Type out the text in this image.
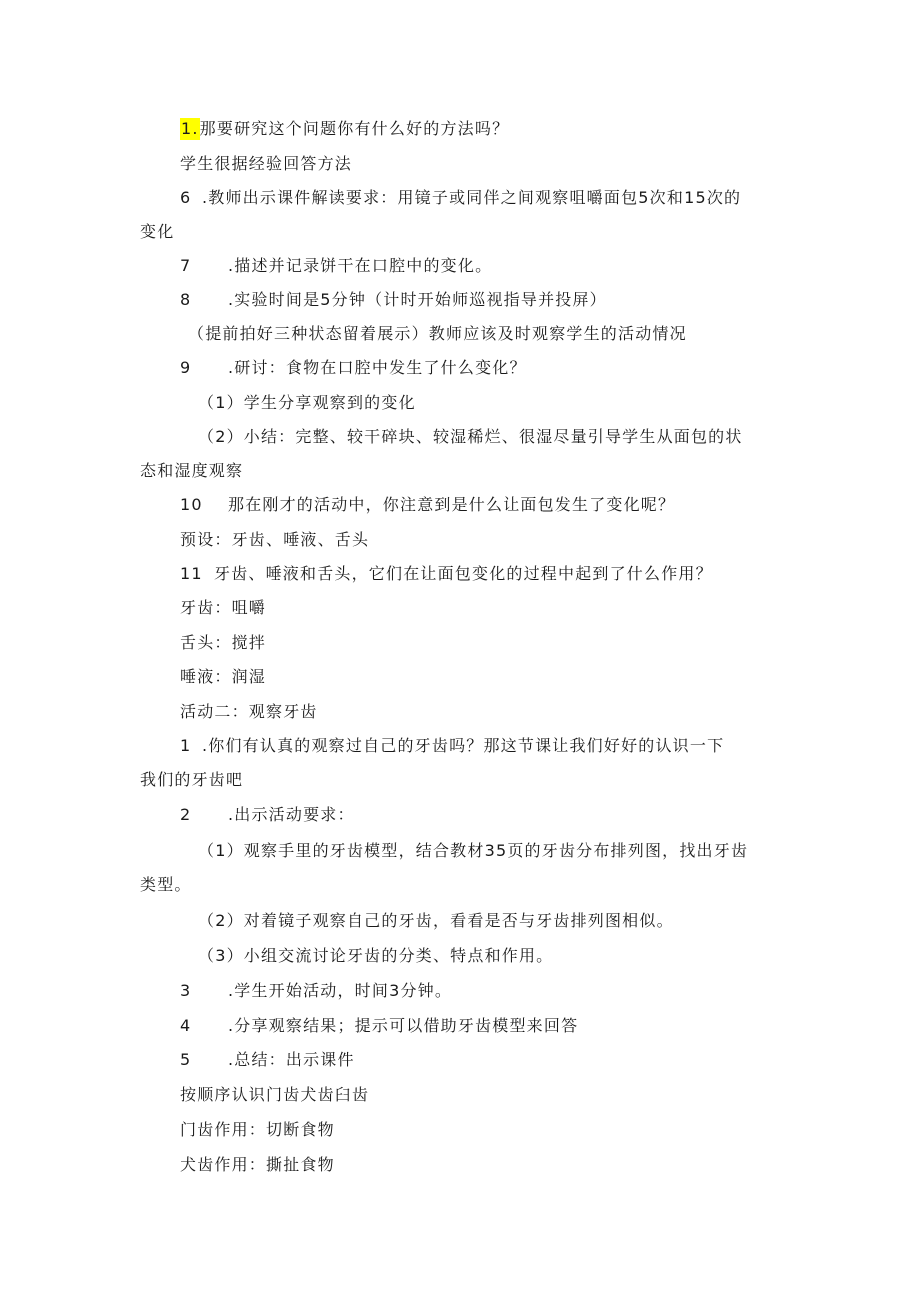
1.那要研究这个问题你有什么好的方法吗？
学生很据经验回答方法
6 .教师出示课件解读要求：用镜子或同伴之间观察咀嚼面包5次和15次的
变化
7 .描述并记录饼干在口腔中的变化。
8 .实验时间是5分钟（计时开始师巡视指导并投屏）
（提前拍好三种状态留着展示）教师应该及时观察学生的活动情况
9 .研讨：食物在口腔中发生了什么变化？
（1）学生分享观察到的变化
（2）小结：完整、较干碎块、较湿稀烂、很湿尽量引导学生从面包的状
态和湿度观察
10 那在刚才的活动中，你注意到是什么让面包发生了变化呢？
预设：牙齿、唾液、舌头
11 牙齿、唾液和舌头，它们在让面包变化的过程中起到了什么作用？
牙齿：咀嚼
舌头：搅拌
唾液：润湿
活动二：观察牙齿
1 .你们有认真的观察过自己的牙齿吗？那这节课让我们好好的认识一下
我们的牙齿吧
2 .出示活动要求：
（1）观察手里的牙齿模型，结合教材35页的牙齿分布排列图，找出牙齿
类型。
（2）对着镜子观察自己的牙齿，看看是否与牙齿排列图相似。
（3）小组交流讨论牙齿的分类、特点和作用。
3 .学生开始活动，时间3分钟。
4 .分享观察结果；提示可以借助牙齿模型来回答
5 .总结：出示课件
按顺序认识门齿犬齿臼齿
门齿作用：切断食物
犬齿作用：撕扯食物
